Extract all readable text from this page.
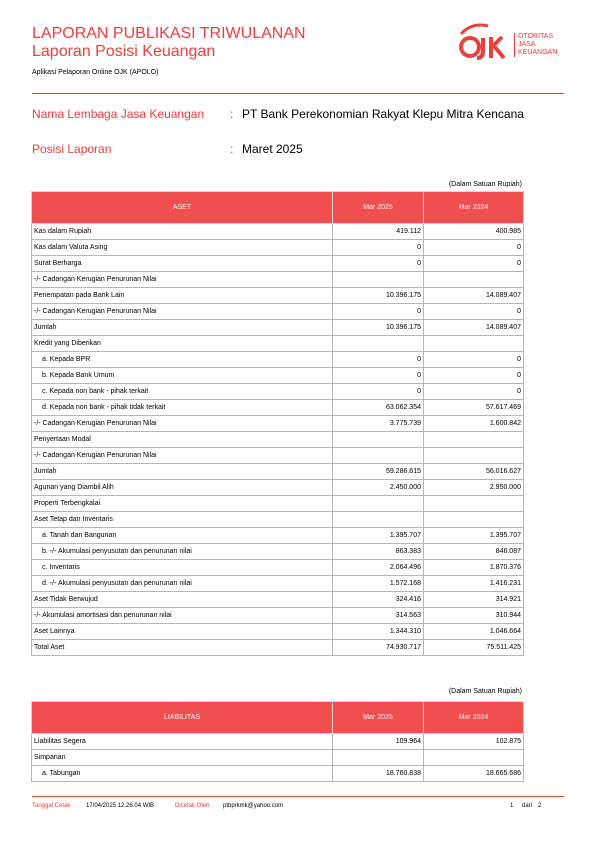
LAPORAN PUBLIKASI TRIWULANAN
Laporan Posisi Keuangan
Aplikasi Pelaporan Online OJK (APOLO)
OTORITAS
JASA
KEUANGAN
Nama Lembaga Jasa Keuangan : PT Bank Perekonomian Rakyat Klepu Mitra Kencana
Posisi Laporan	: Maret 2025
(Dalam Satuan Rupiah)
ASET	Mar 2025	Mar 2024
Kas dalam Rupiah	419.112	400.985
Kas dalam Valuta Asing	0	0
Surat Berharga	0	0
-/- Cadangan Kerugian Penurunan Nilai		
Penempatan pada Bank Lain	10.396.175	14.089.407
-/- Cadangan Kerugian Penurunan Nilai	0	0
Jumlah	10.396.175	14.089.407
Kredit yang Diberikan		
a. Kepada BPR	0	0
b. Kepada Bank Umum	0	0
c. Kepada non bank - pihak terkait	0	0
d. Kepada non bank - pihak tidak terkait	63.062.354	57.617.469
-/- Cadangan Kerugian Penurunan Nilai	3.775.739	1.600.842
Penyertaan Modal		
-/- Cadangan Kerugian Penurunan Nilai		
Jumlah	59.286.615	56.016.627
Agunan yang Diambil Alih	2.450.000	2.950.000
Properti Terbengkalai		
Aset Tetap dan Inventaris		
a. Tanah dan Bangunan	1.395.707	1.395.707
b. -/- Akumulasi penyusutan dan penurunan nilai	863.383	846.087
c. Inventaris	2.064.496	1.870.376
d. -/- Akumulasi penyusutan dan penurunan nilai	1.572.168	1.416.231
Aset Tidak Berwujud	324.416	314.921
-/- Akumulasi amortisasi dan penurunan nilai	314.563	310.944
Aset Lainnya	1.344.310	1.046.664
Total Aset	74.930.717	75.511.425
(Dalam Satuan Rupiah)
LIABILITAS	Mar 2025	Mar 2024
Liabilitas Segera	109.964	102.875
Simpanan		
a. Tabungan	18.760.838	18.665.686
Tanggal Cetak	17/04/2025 12.26.04 WIB	Dicetak Oleh ptbprkmk@yahoo.com	1 dari 2
